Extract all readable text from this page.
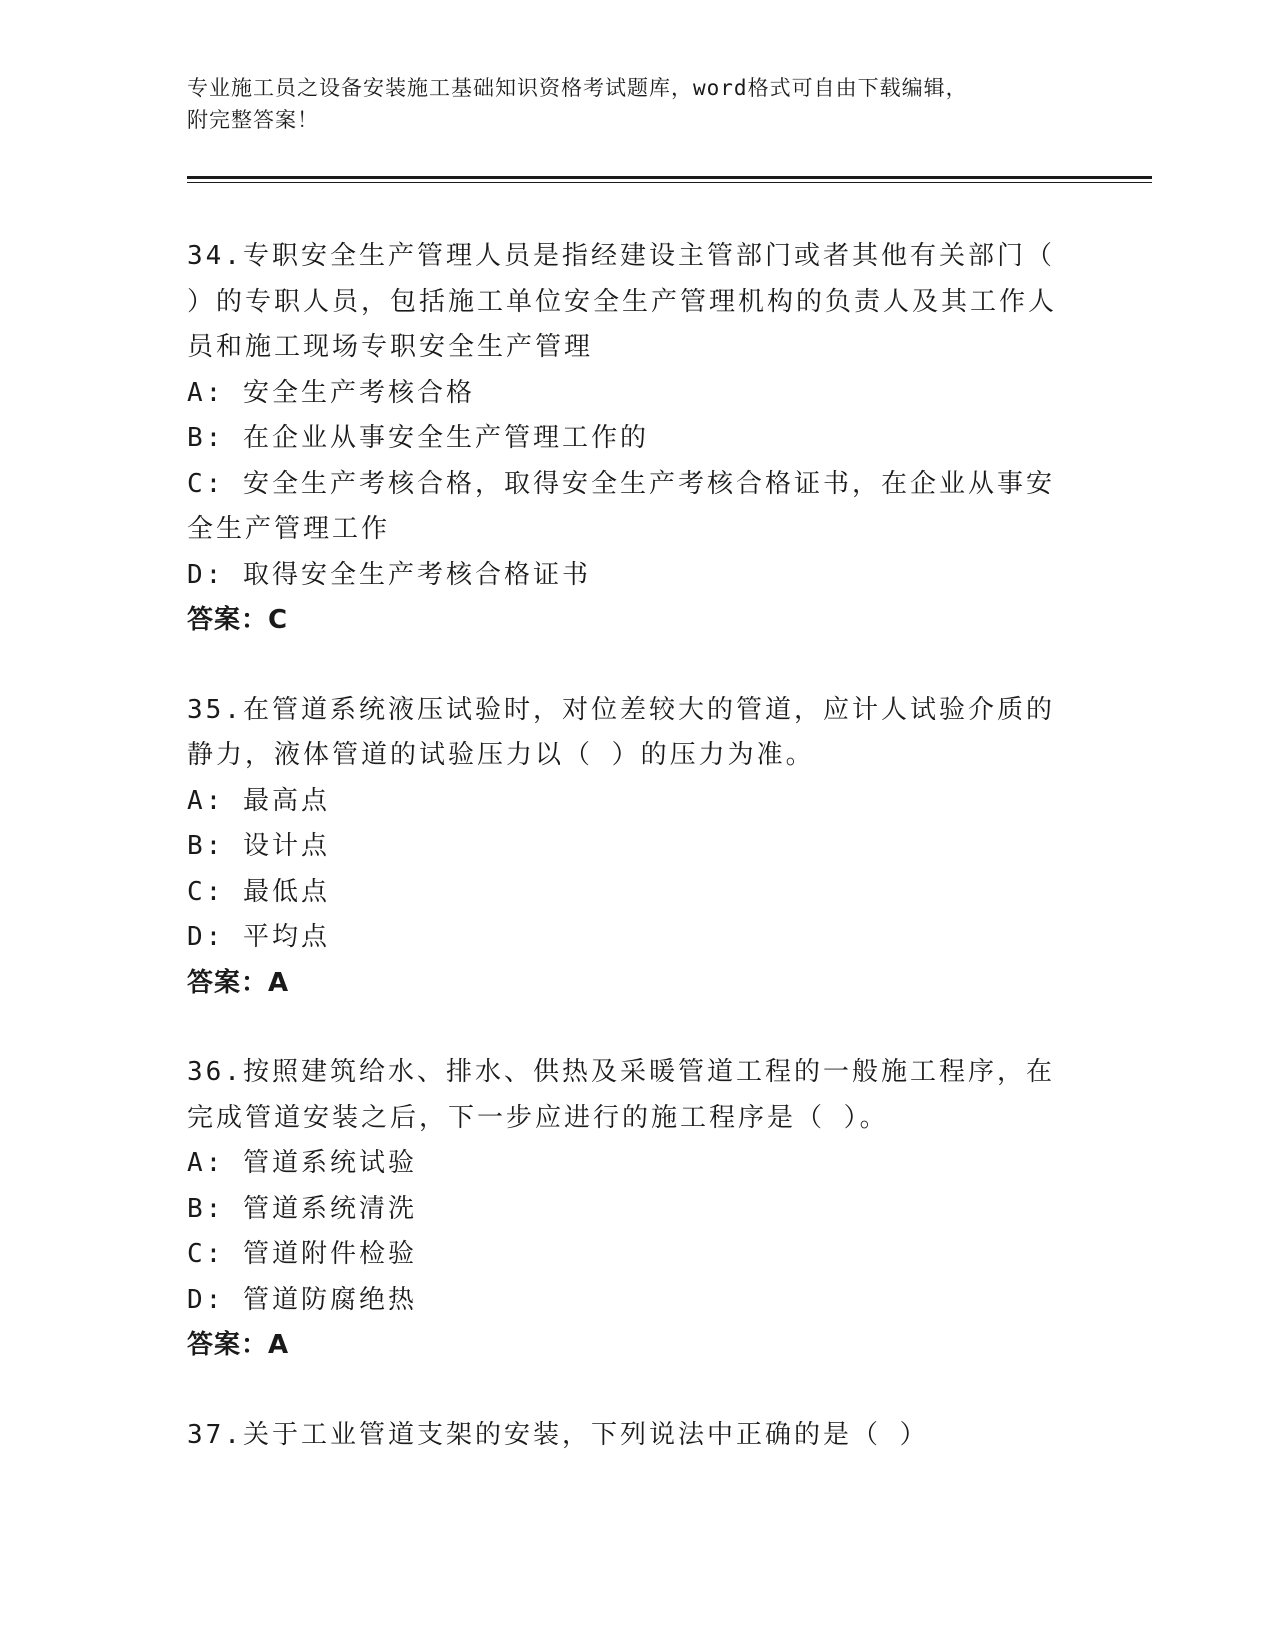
专业施工员之设备安装施工基础知识资格考试题库，word格式可自由下载编辑，
附完整答案！
34.专职安全生产管理人员是指经建设主管部门或者其他有关部门（ ）的专职人员，包括施工单位安全生产管理机构的负责人及其工作人员和施工现场专职安全生产管理
A: 安全生产考核合格
B: 在企业从事安全生产管理工作的
C: 安全生产考核合格，取得安全生产考核合格证书，在企业从事安全生产管理工作
D: 取得安全生产考核合格证书
答案：C
35.在管道系统液压试验时，对位差较大的管道，应计人试验介质的静力，液体管道的试验压力以（ ）的压力为准。
A: 最高点
B: 设计点
C: 最低点
D: 平均点
答案：A
36.按照建筑给水、排水、供热及采暖管道工程的一般施工程序，在完成管道安装之后，下一步应进行的施工程序是（ ）。
A: 管道系统试验
B: 管道系统清洗
C: 管道附件检验
D: 管道防腐绝热
答案：A
37.关于工业管道支架的安装，下列说法中正确的是（ ）
